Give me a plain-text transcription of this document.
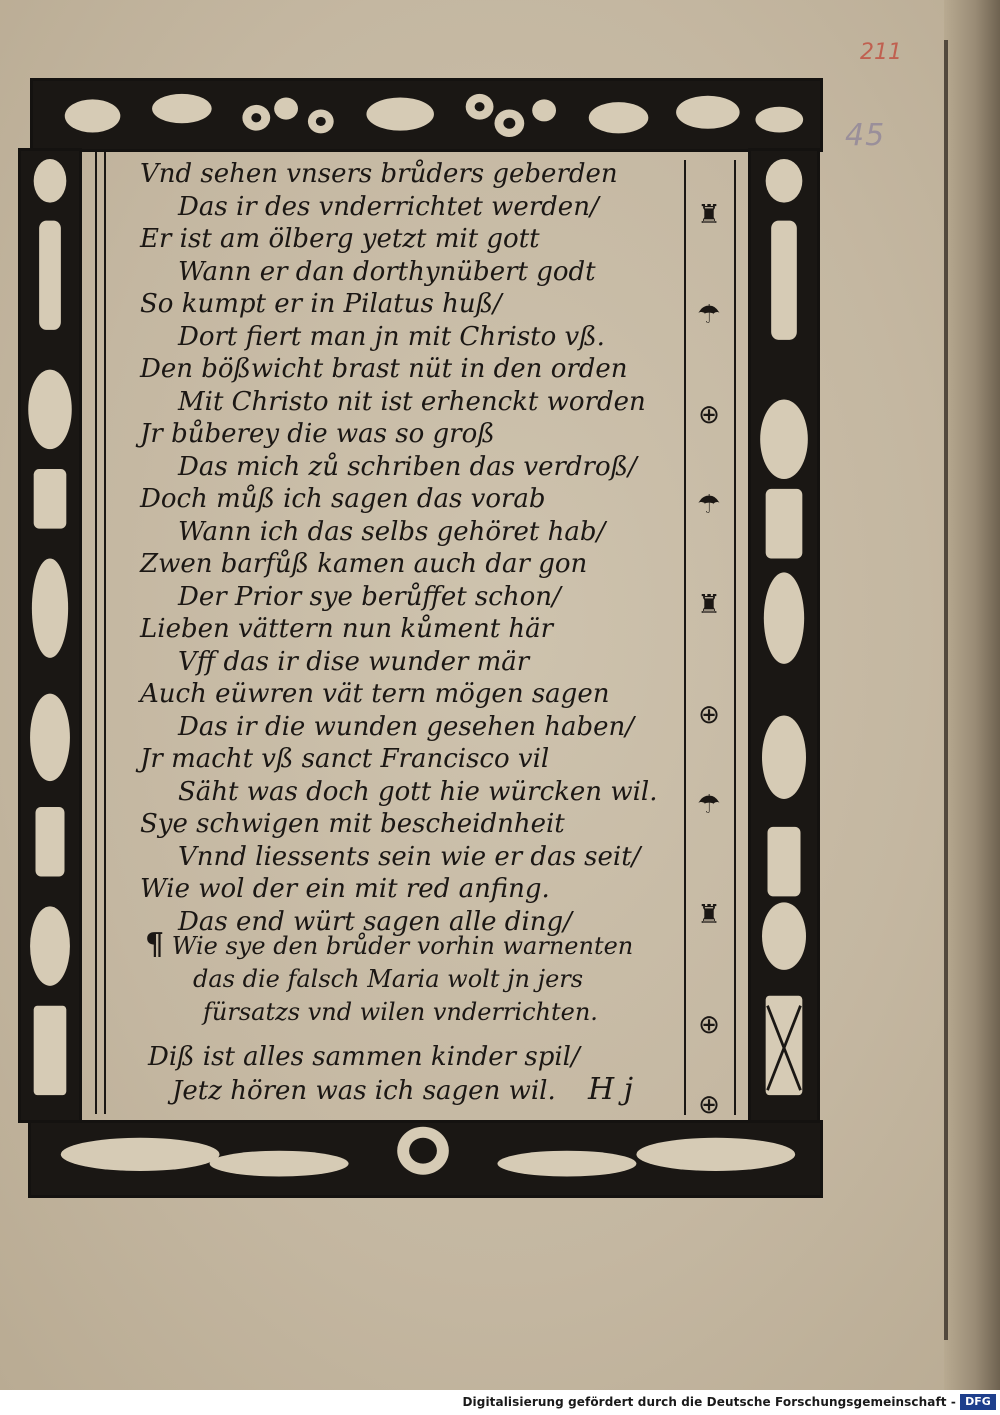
211
45
Vnd sehen vnsers brůders geberden
Das ir des vnderrichtet werden/
Er ist am ölberg yetzt mit gott
Wann er dan dorthynübert godt
So kumpt er in Pilatus huß/
Dort fiert man jn mit Christo vß.
Den bößwicht brast nüt in den orden
Mit Christo nit ist erhenckt worden
Jr bůberey die was so groß
Das mich zů schriben das verdroß/
Doch můß ich sagen das vorab
Wann ich das selbs gehöret hab/
Zwen barfůß kamen auch dar gon
Der Prior sye berůffet schon/
Lieben vättern nun kůment här
Vff das ir dise wunder mär
Auch eüwren vät tern mögen sagen
Das ir die wunden gesehen haben/
Jr macht vß sanct Francisco vil
Säht was doch gott hie würcken wil.
Sye schwigen mit bescheidnheit
Vnnd liessents sein wie er das seit/
Wie wol der ein mit red anfing.
Das end würt sagen alle ding/
¶ Wie sye den brůder vorhin warnenten
das die falsch Maria wolt jn jers
fürsatzs vnd wilen vnderrichten.
Diß ist alles sammen kinder spil/
Jetz hören was ich sagen wil.	H j
♜
☂
⊕
☂
♜
⊕
☂
♜
⊕
⊕
Digitalisierung gefördert durch die Deutsche Forschungsgemeinschaft - DFG
